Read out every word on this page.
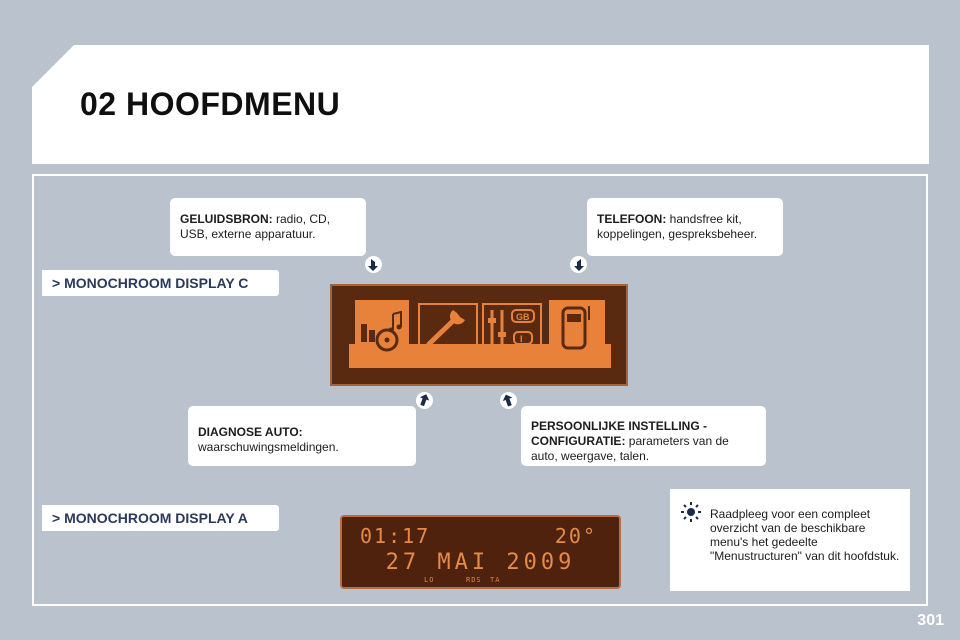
02 HOOFDMENU
> MONOCHROOM DISPLAY C
> MONOCHROOM DISPLAY A
GELUIDSBRON: radio, CD, USB, externe apparatuur.
TELEFOON: handsfree kit, koppelingen, gespreksbeheer.
DIAGNOSE AUTO:
waarschuwingsmeldingen.
PERSOONLIJKE INSTELLING - CONFIGURATIE: parameters van de auto, weergave, talen.
GB
I
Raadpleeg voor een compleet overzicht van de beschikbare menu's het gedeelte "Menustructuren" van dit hoofdstuk.
01:17	20°
27 MAI 2009
LO	RDS TA
301
